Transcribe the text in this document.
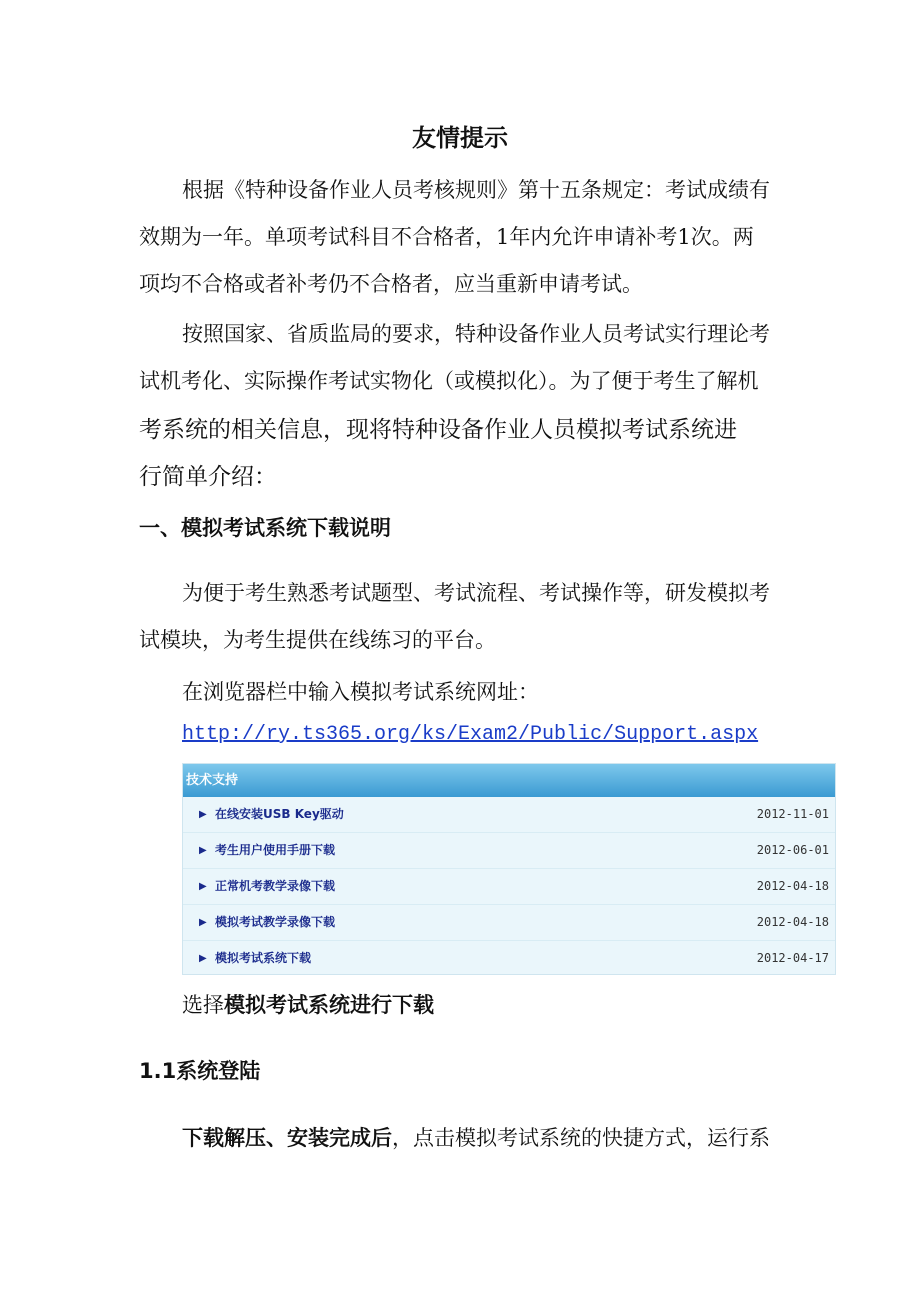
友情提示

根据《特种设备作业人员考核规则》第十五条规定：考试成绩有

效期为一年。单项考试科目不合格者，1年内允许申请补考1次。两

项均不合格或者补考仍不合格者，应当重新申请考试。

按照国家、省质监局的要求，特种设备作业人员考试实行理论考

试机考化、实际操作考试实物化（或模拟化）。为了便于考生了解机

考系统的相关信息，现将特种设备作业人员模拟考试系统进

行简单介绍：

一、模拟考试系统下载说明

为便于考生熟悉考试题型、考试流程、考试操作等，研发模拟考

试模块，为考生提供在线练习的平台。

在浏览器栏中输入模拟考试系统网址：

http://ry.ts365.org/ks/Exam2/Public/Support.aspx
技术支持
▶ 在线安装USB Key驱动	2012-11-01
▶ 考生用户使用手册下载	2012-06-01
▶ 正常机考教学录像下载	2012-04-18
▶ 模拟考试教学录像下载	2012-04-18
▶ 模拟考试系统下载	2012-04-17

选择模拟考试系统进行下载

1.1系统登陆

下载解压、安装完成后，点击模拟考试系统的快捷方式，运行系
